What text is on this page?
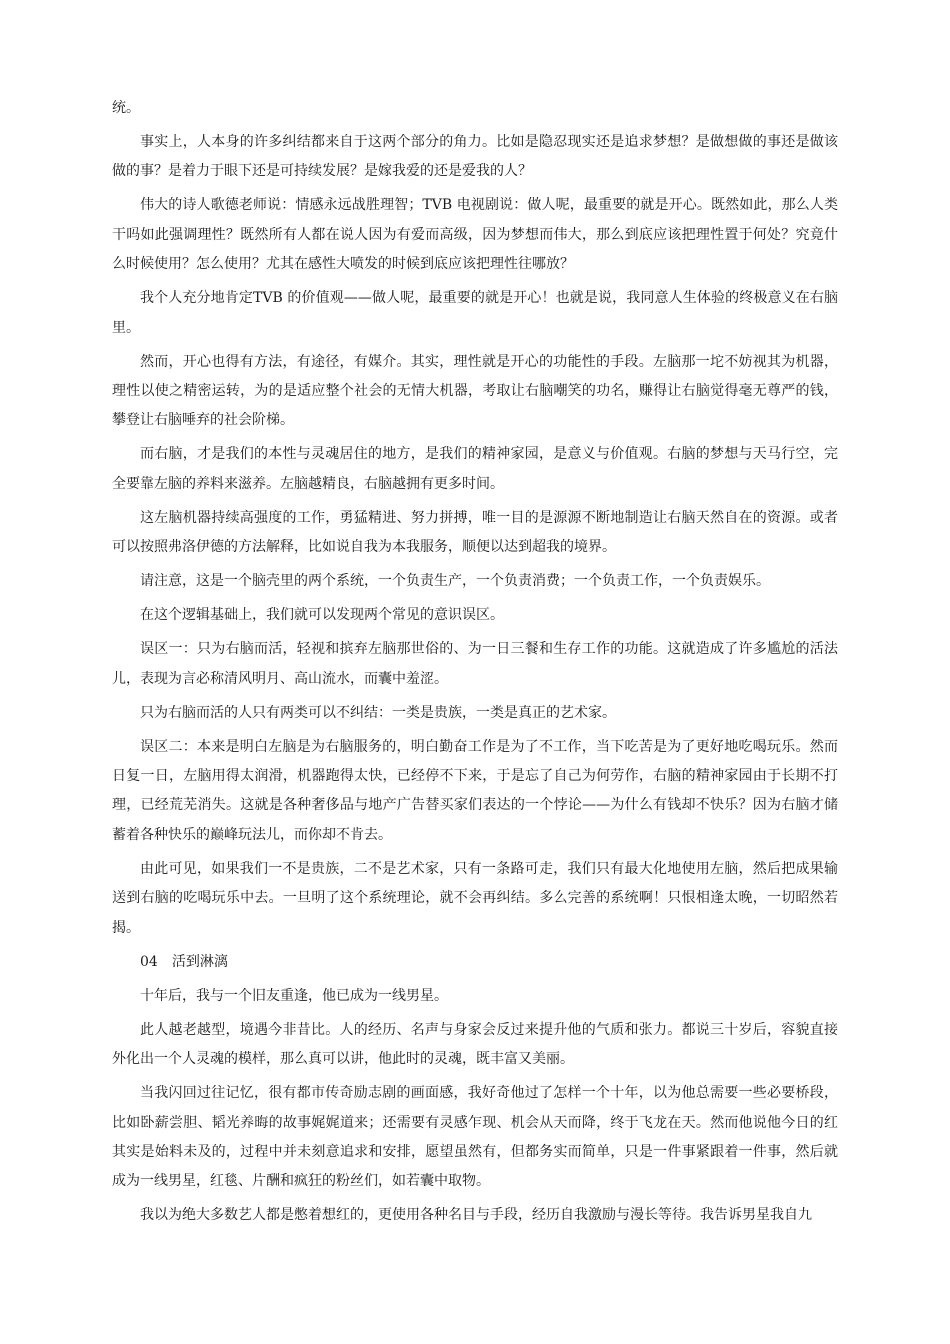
统。

事实上，人本身的许多纠结都来自于这两个部分的角力。比如是隐忍现实还是追求梦想？是做想做的事还是做该做的事？是着力于眼下还是可持续发展？是嫁我爱的还是爱我的人？

伟大的诗人歌德老师说：情感永远战胜理智；TVB 电视剧说：做人呢，最重要的就是开心。既然如此，那么人类干吗如此强调理性？既然所有人都在说人因为有爱而高级，因为梦想而伟大，那么到底应该把理性置于何处？究竟什么时候使用？怎么使用？尤其在感性大喷发的时候到底应该把理性往哪放？

我个人充分地肯定TVB 的价值观——做人呢，最重要的就是开心！也就是说，我同意人生体验的终极意义在右脑里。

然而，开心也得有方法，有途径，有媒介。其实，理性就是开心的功能性的手段。左脑那一坨不妨视其为机器，理性以使之精密运转，为的是适应整个社会的无情大机器，考取让右脑嘲笑的功名，赚得让右脑觉得毫无尊严的钱，攀登让右脑唾弃的社会阶梯。

而右脑，才是我们的本性与灵魂居住的地方，是我们的精神家园，是意义与价值观。右脑的梦想与天马行空，完全要靠左脑的养料来滋养。左脑越精良，右脑越拥有更多时间。

这左脑机器持续高强度的工作，勇猛精进、努力拼搏，唯一目的是源源不断地制造让右脑天然自在的资源。或者可以按照弗洛伊德的方法解释，比如说自我为本我服务，顺便以达到超我的境界。

请注意，这是一个脑壳里的两个系统，一个负责生产，一个负责消费；一个负责工作，一个负责娱乐。

在这个逻辑基础上，我们就可以发现两个常见的意识误区。

误区一：只为右脑而活，轻视和摈弃左脑那世俗的、为一日三餐和生存工作的功能。这就造成了许多尴尬的活法儿，表现为言必称清风明月、高山流水，而囊中羞涩。

只为右脑而活的人只有两类可以不纠结：一类是贵族，一类是真正的艺术家。

误区二：本来是明白左脑是为右脑服务的，明白勤奋工作是为了不工作，当下吃苦是为了更好地吃喝玩乐。然而日复一日，左脑用得太润滑，机器跑得太快，已经停不下来，于是忘了自己为何劳作，右脑的精神家园由于长期不打理，已经荒芜消失。这就是各种奢侈品与地产广告替买家们表达的一个悖论——为什么有钱却不快乐？因为右脑才储蓄着各种快乐的巅峰玩法儿，而你却不肯去。

由此可见，如果我们一不是贵族，二不是艺术家，只有一条路可走，我们只有最大化地使用左脑，然后把成果输送到右脑的吃喝玩乐中去。一旦明了这个系统理论，就不会再纠结。多么完善的系统啊！只恨相逢太晚，一切昭然若揭。

04　活到淋漓

十年后，我与一个旧友重逢，他已成为一线男星。

此人越老越型，境遇今非昔比。人的经历、名声与身家会反过来提升他的气质和张力。都说三十岁后，容貌直接外化出一个人灵魂的模样，那么真可以讲，他此时的灵魂，既丰富又美丽。

当我闪回过往记忆，很有都市传奇励志剧的画面感，我好奇他过了怎样一个十年，以为他总需要一些必要桥段，比如卧薪尝胆、韬光养晦的故事娓娓道来；还需要有灵感乍现、机会从天而降，终于飞龙在天。然而他说他今日的红其实是始料未及的，过程中并未刻意追求和安排，愿望虽然有，但都务实而简单，只是一件事紧跟着一件事，然后就成为一线男星，红毯、片酬和疯狂的粉丝们，如若囊中取物。

我以为绝大多数艺人都是憋着想红的，更使用各种名目与手段，经历自我激励与漫长等待。我告诉男星我自九
